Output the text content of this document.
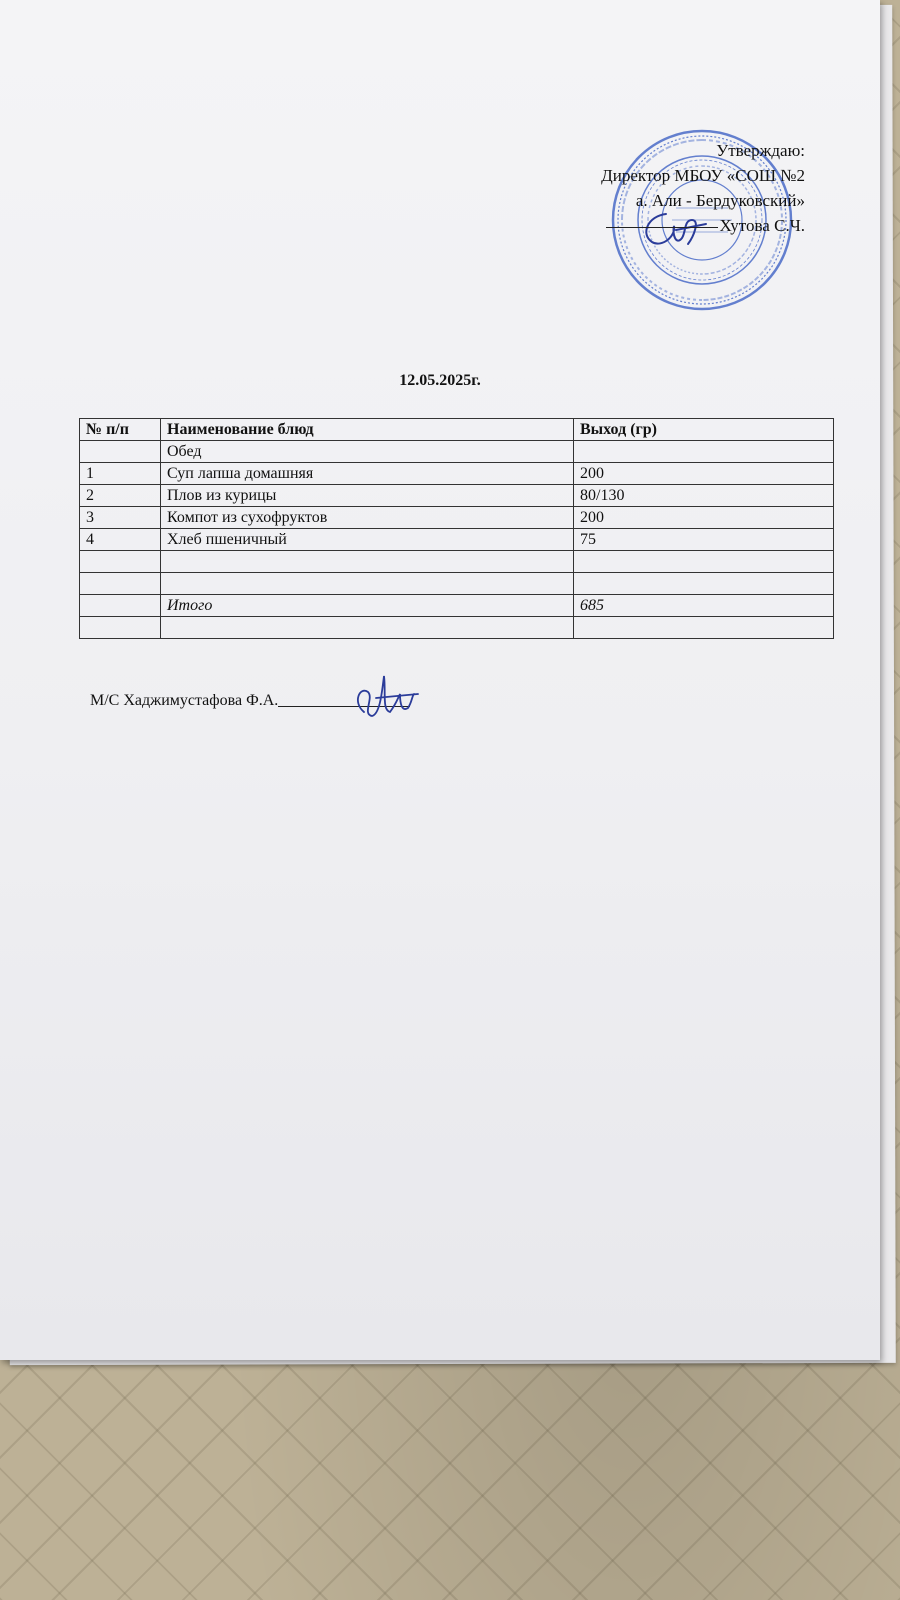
Утверждаю:
Директор МБОУ «СОШ №2
а. Али - Бердуковский»
Хутова С.Ч.
12.05.2025г.
№ п/п	Наименование блюд	Выход (гр)
	Обед	
1	Суп лапша домашняя	200
2	Плов из курицы	80/130
3	Компот из сухофруктов	200
4	Хлеб пшеничный	75

	Итого	685

М/С Хаджимустафова Ф.А.
